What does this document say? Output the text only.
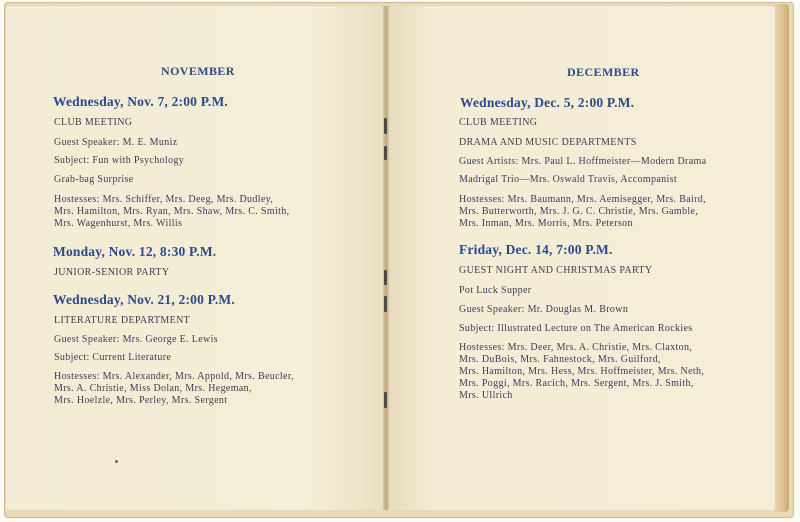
NOVEMBER
Wednesday, Nov. 7, 2:00 P.M.
CLUB MEETING
Guest Speaker: M. E. Muniz
Subject: Fun with Psychology
Grab-bag Surprise
Hostesses: Mrs. Schiffer, Mrs. Deeg, Mrs. Dudley,
Mrs. Hamilton, Mrs. Ryan, Mrs. Shaw, Mrs. C. Smith,
Mrs. Wagenhurst, Mrs. Willis
Monday, Nov. 12, 8:30 P.M.
JUNIOR-SENIOR PARTY
Wednesday, Nov. 21, 2:00 P.M.
LITERATURE DEPARTMENT
Guest Speaker: Mrs. George E. Lewis
Subject: Current Literature
Hostesses: Mrs. Alexander, Mrs. Appold, Mrs. Beucler,
Mrs. A. Christie, Miss Dolan, Mrs. Hegeman,
Mrs. Hoelzle, Mrs. Perley, Mrs. Sergent
DECEMBER
Wednesday, Dec. 5, 2:00 P.M.
CLUB MEETING
DRAMA AND MUSIC DEPARTMENTS
Guest Artists: Mrs. Paul L. Hoffmeister—Modern Drama
Madrigal Trio—Mrs. Oswald Travis, Accompanist
Hostesses: Mrs. Baumann, Mrs. Aemisegger, Mrs. Baird,
Mrs. Butterworth, Mrs. J. G. C. Christie, Mrs. Gamble,
Mrs. Inman, Mrs. Morris, Mrs. Peterson
Friday, Dec. 14, 7:00 P.M.
GUEST NIGHT AND CHRISTMAS PARTY
Pot Luck Supper
Guest Speaker: Mr. Douglas M. Brown
Subject: Illustrated Lecture on The American Rockies
Hostesses: Mrs. Deer, Mrs. A. Christie, Mrs. Claxton,
Mrs. DuBois, Mrs. Fahnestock, Mrs. Guilford,
Mrs. Hamilton, Mrs. Hess, Mrs. Hoffmeister, Mrs. Neth,
Mrs. Poggi, Mrs. Racich, Mrs. Sergent, Mrs. J. Smith,
Mrs. Ullrich
